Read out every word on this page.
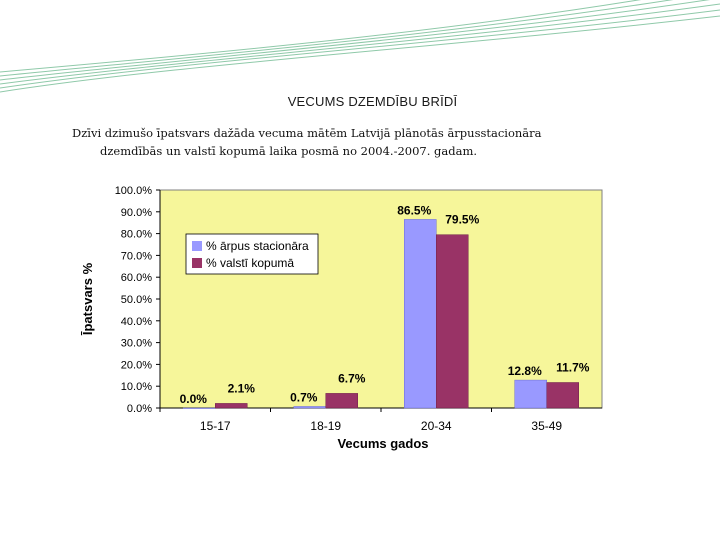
VECUMS DZEMDĪBU BRĪDĪ
Dzīvi dzimušo īpatsvars dažāda vecuma mātēm Latvijā plānotās ārpusstacionāra
dzemdībās un valstī kopumā laika posmā no 2004.-2007. gadam.
0.0%
10.0%
20.0%
30.0%
40.0%
50.0%
60.0%
70.0%
80.0%
90.0%
100.0%
15-17
0.0%
2.1%
18-19
0.7%
6.7%
20-34
86.5%
79.5%
35-49
12.8% 11.7%
Vecums gados
Īpatsvars %
% ārpus stacionāra
% valstī kopumā
